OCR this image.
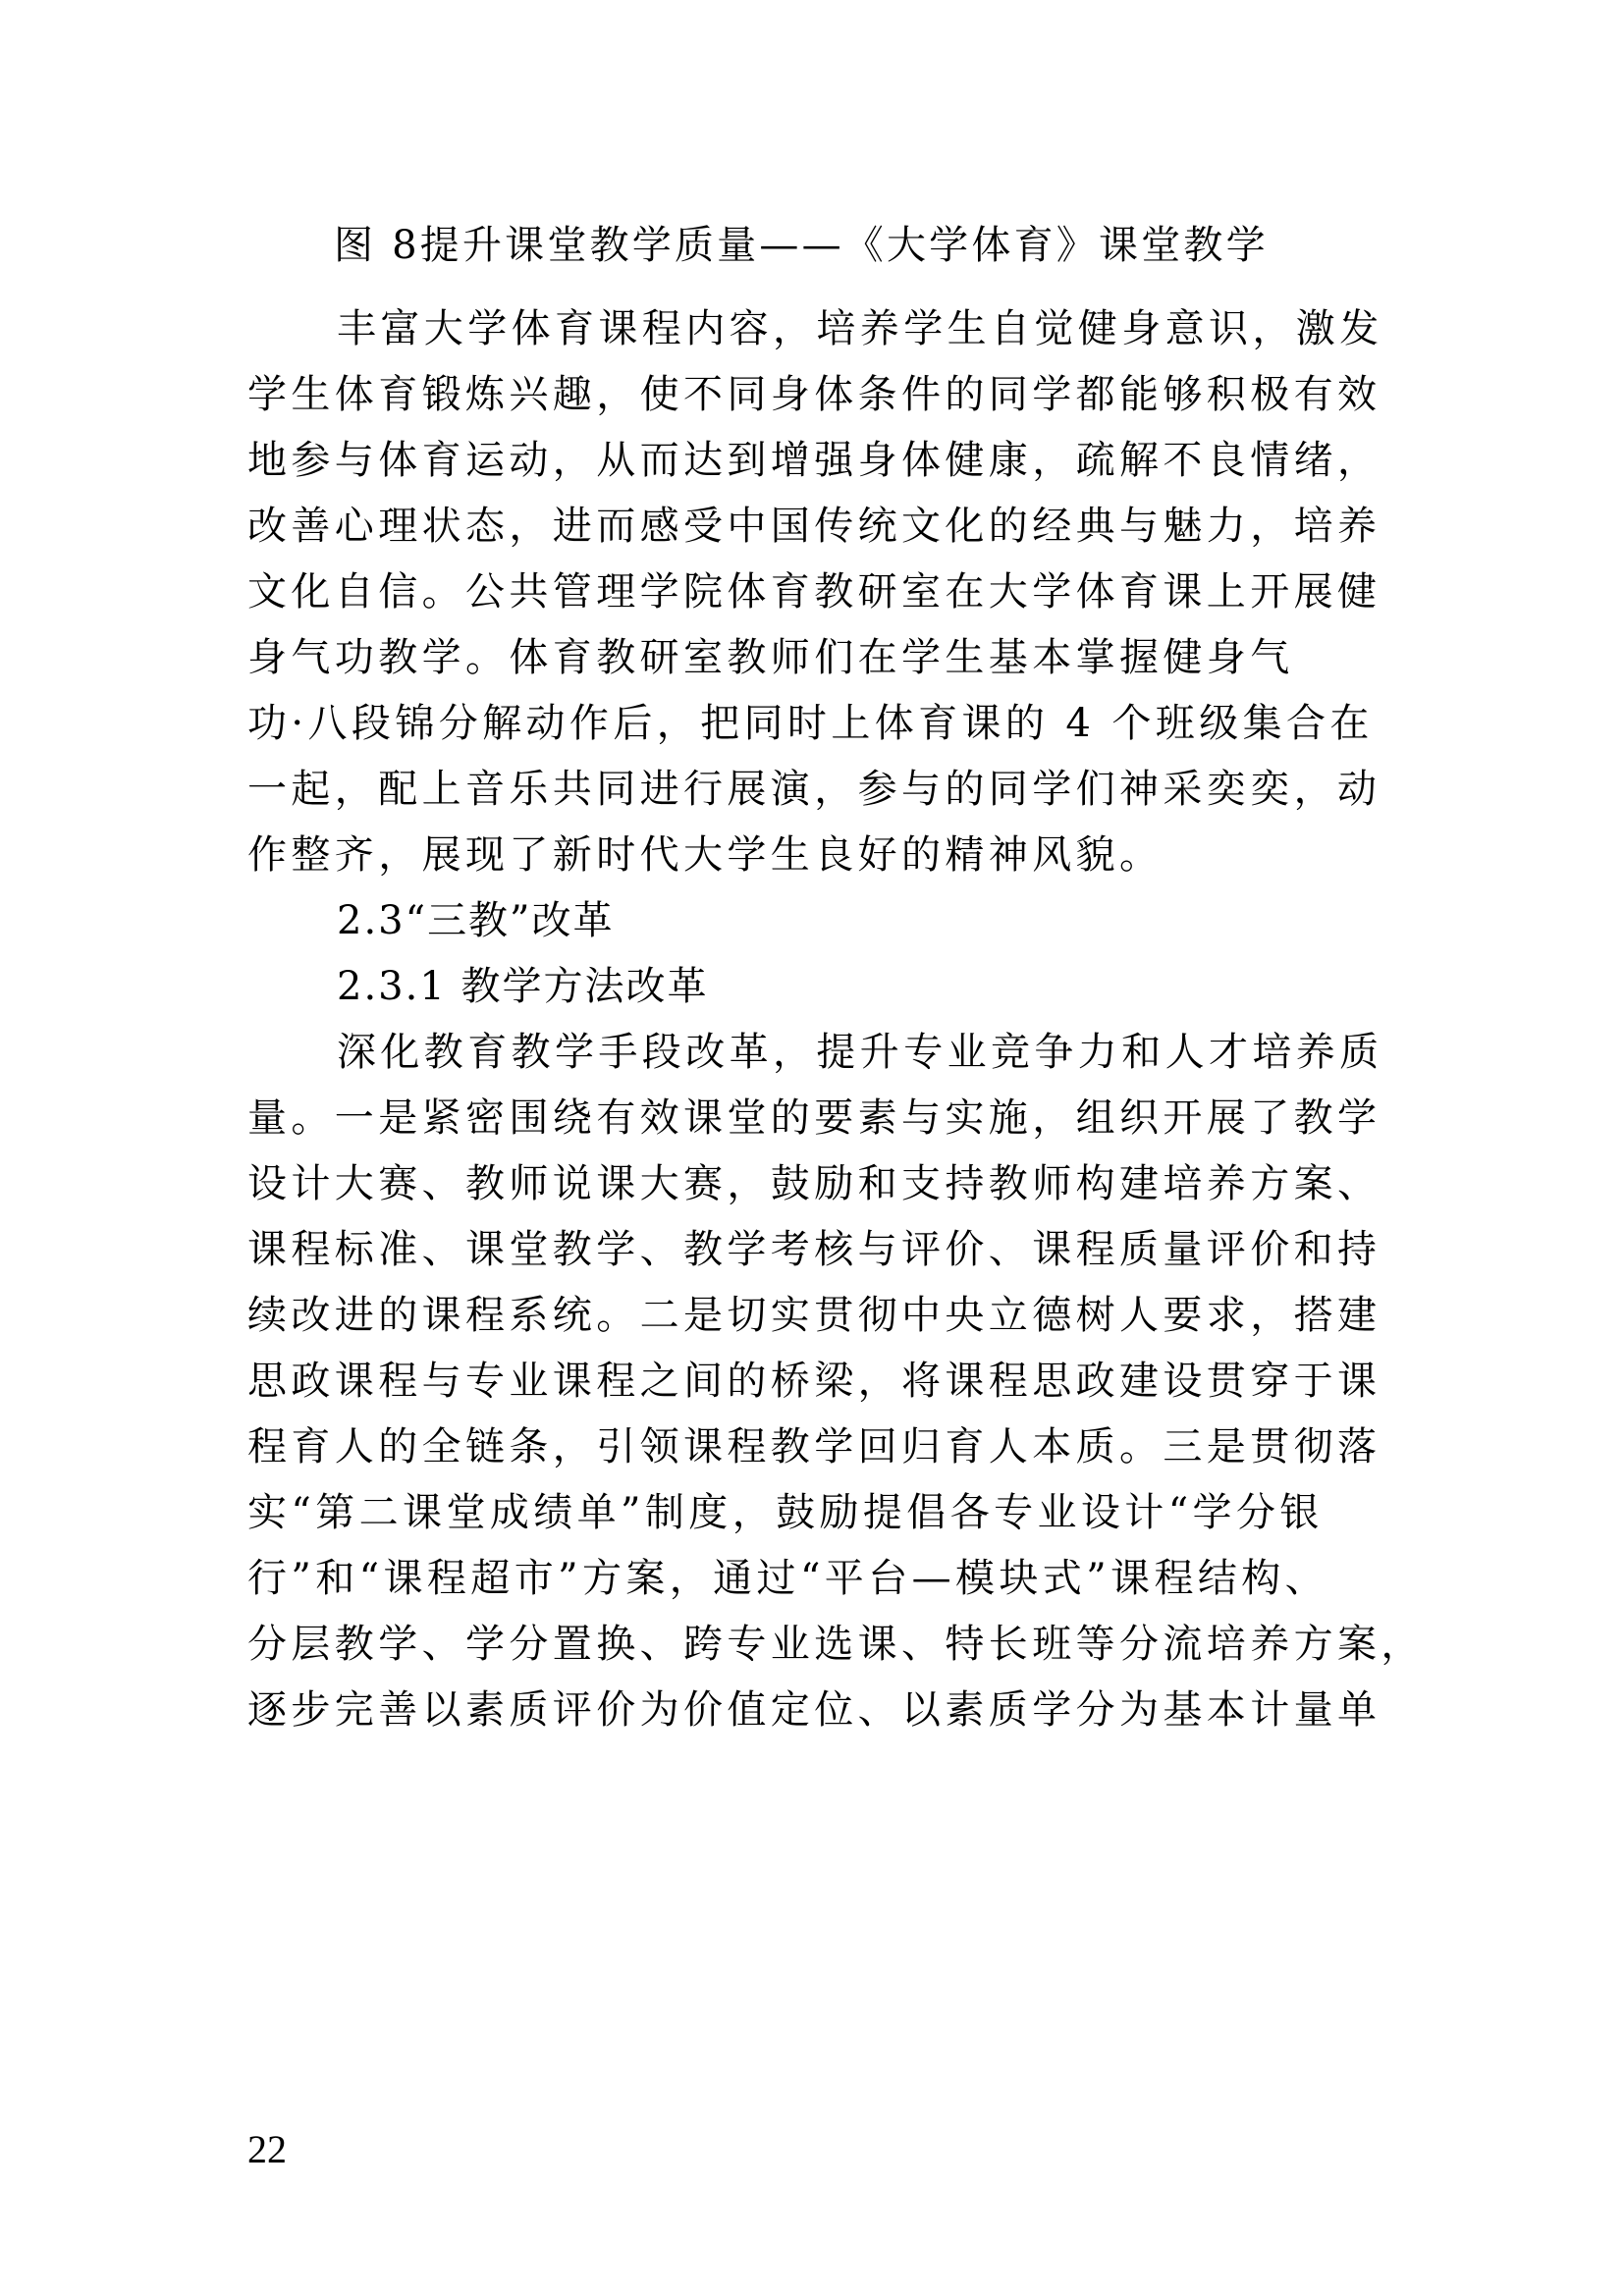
图 8提升课堂教学质量——《大学体育》课堂教学
丰富大学体育课程内容，培养学生自觉健身意识，激发
学生体育锻炼兴趣，使不同身体条件的同学都能够积极有效
地参与体育运动，从而达到增强身体健康，疏解不良情绪，
改善心理状态，进而感受中国传统文化的经典与魅力，培养
文化自信。公共管理学院体育教研室在大学体育课上开展健
身气功教学。体育教研室教师们在学生基本掌握健身气
功·八段锦分解动作后，把同时上体育课的 4 个班级集合在
一起，配上音乐共同进行展演，参与的同学们神采奕奕，动
作整齐，展现了新时代大学生良好的精神风貌。
2.3“三教”改革
2.3.1 教学方法改革
深化教育教学手段改革，提升专业竞争力和人才培养质
量。一是紧密围绕有效课堂的要素与实施，组织开展了教学
设计大赛、教师说课大赛，鼓励和支持教师构建培养方案、
课程标准、课堂教学、教学考核与评价、课程质量评价和持
续改进的课程系统。二是切实贯彻中央立德树人要求，搭建
思政课程与专业课程之间的桥梁，将课程思政建设贯穿于课
程育人的全链条，引领课程教学回归育人本质。三是贯彻落
实“第二课堂成绩单”制度，鼓励提倡各专业设计“学分银
行”和“课程超市”方案，通过“平台—模块式”课程结构、
分层教学、学分置换、跨专业选课、特长班等分流培养方案，
逐步完善以素质评价为价值定位、以素质学分为基本计量单
22
